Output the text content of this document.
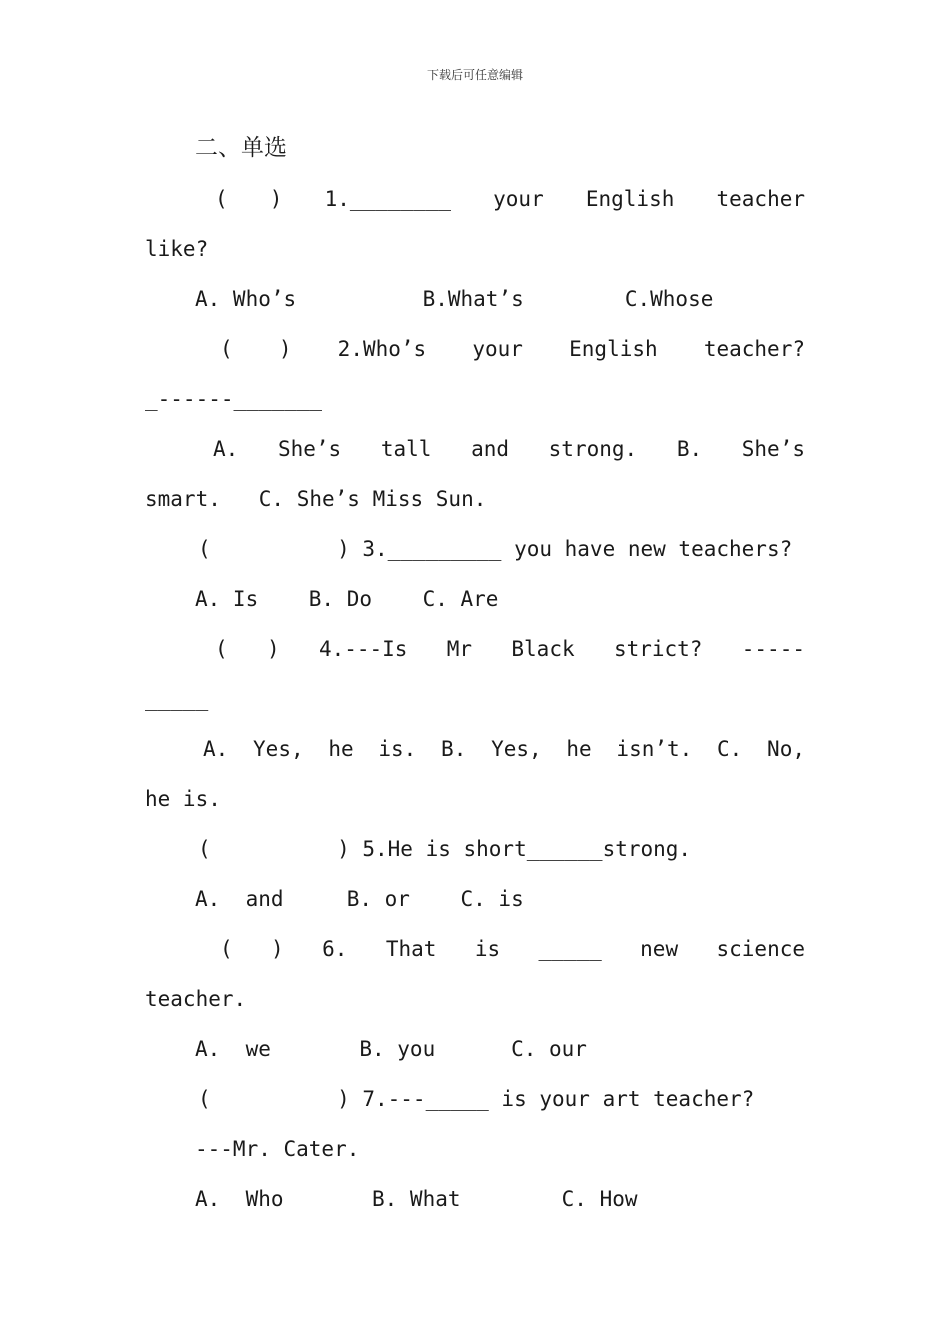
下载后可任意编辑
二、单选
( ) 1.________ your English teacher
like?
A. Who’s          B.What’s        C.Whose
( ) 2.Who’s your English teacher?
_------_______
A. She’s tall and strong. B. She’s
smart.   C. She’s Miss Sun.
(          ) 3._________ you have new teachers?
A. Is    B. Do    C. Are
( ) 4.---Is Mr Black strict? -----
_____
A. Yes, he is. B. Yes, he isn’t. C. No,
he is.
(          ) 5.He is short______strong.
A.  and     B. or    C. is
( ) 6. That is _____ new science
teacher.
A.  we       B. you      C. our
(          ) 7.---_____ is your art teacher?
---Mr. Cater.
A.  Who       B. What        C. How
